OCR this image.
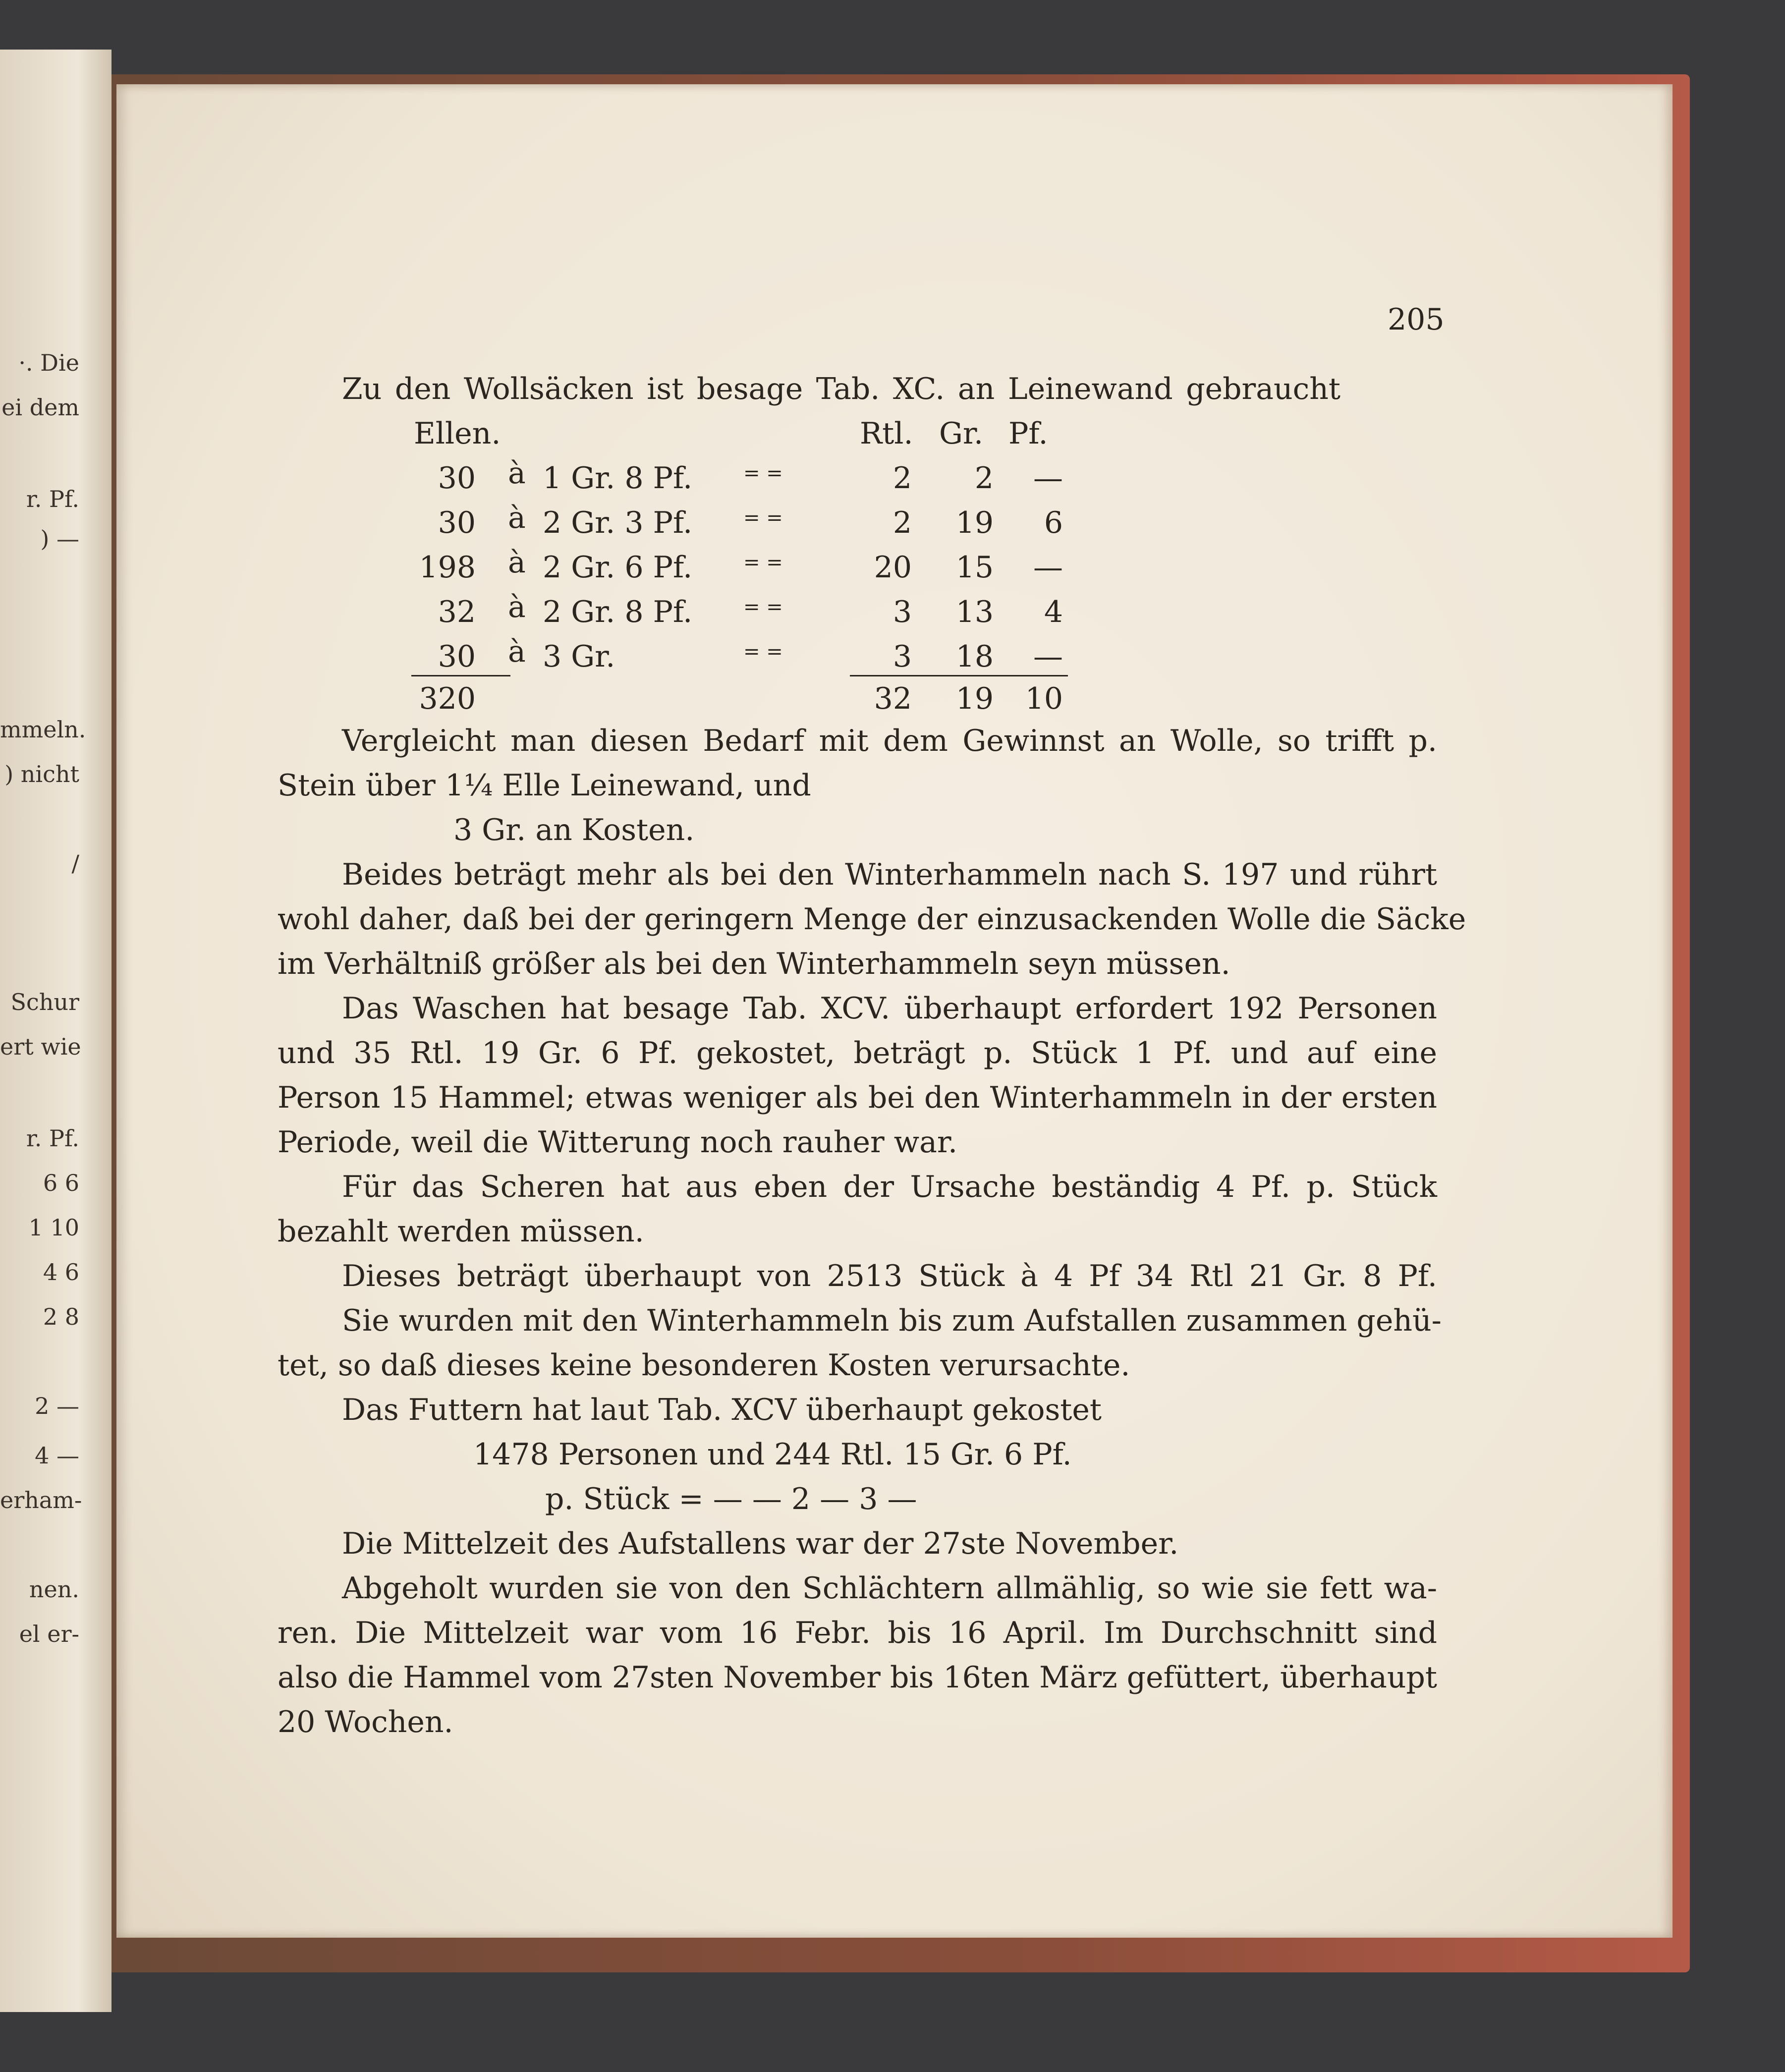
·. Die
ei dem
r. Pf.
) —
mmeln.
) nicht
/
Schur
ert wie
r. Pf.
6 6
1 10
4 6
2 8
2 —
4 —
erham-
nen.
el er-
205
Zu den Wollsäcken ist besage Tab. XC. an Leinewand gebraucht
Ellen.	Rtl. Gr. Pf.
30 à 1 Gr. 8 Pf.	= =	2	2	—
30 à 2 Gr. 3 Pf.	= =	2	19	6
198 à 2 Gr. 6 Pf.	= =	20	15	—
32 à 2 Gr. 8 Pf.	= =	3	13	4
30 à 3 Gr.	= =	3	18	—
320	32	19	10
Vergleicht man diesen Bedarf mit dem Gewinnst an Wolle, so trifft p.
Stein über 1¼ Elle Leinewand, und
3 Gr. an Kosten.
Beides beträgt mehr als bei den Winterhammeln nach S. 197 und rührt
wohl daher, daß bei der geringern Menge der einzusackenden Wolle die Säcke
im Verhältniß größer als bei den Winterhammeln seyn müssen.
Das Waschen hat besage Tab. XCV. überhaupt erfordert 192 Personen
und 35 Rtl. 19 Gr. 6 Pf. gekostet, beträgt p. Stück 1 Pf. und auf eine
Person 15 Hammel; etwas weniger als bei den Winterhammeln in der ersten
Periode, weil die Witterung noch rauher war.
Für das Scheren hat aus eben der Ursache beständig 4 Pf. p. Stück
bezahlt werden müssen.
Dieses beträgt überhaupt von 2513 Stück à 4 Pf 34 Rtl 21 Gr. 8 Pf.
Sie wurden mit den Winterhammeln bis zum Aufstallen zusammen gehü-
tet, so daß dieses keine besonderen Kosten verursachte.
Das Futtern hat laut Tab. XCV überhaupt gekostet
1478 Personen und 244 Rtl. 15 Gr. 6 Pf.
p. Stück = — — 2 — 3 —
Die Mittelzeit des Aufstallens war der 27ste November.
Abgeholt wurden sie von den Schlächtern allmählig, so wie sie fett wa-
ren. Die Mittelzeit war vom 16 Febr. bis 16 April. Im Durchschnitt sind
also die Hammel vom 27sten November bis 16ten März gefüttert, überhaupt
20 Wochen.
